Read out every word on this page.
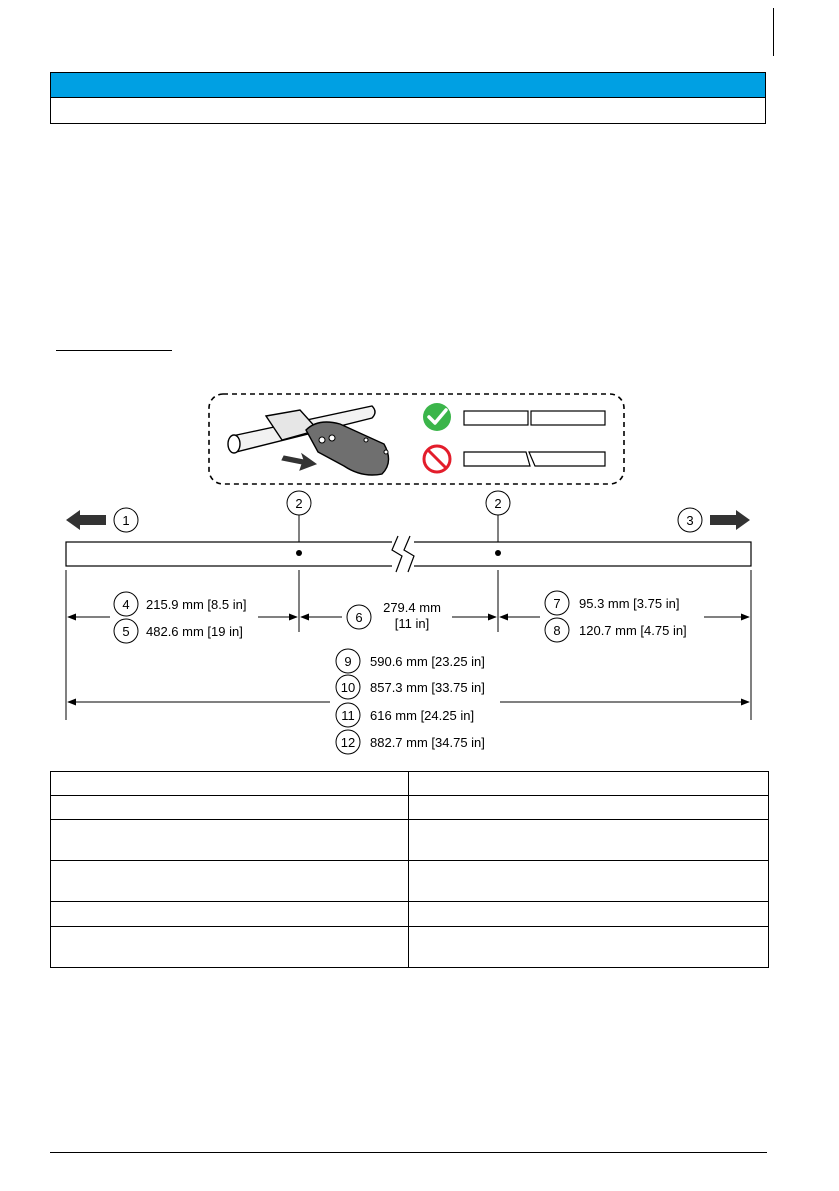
1
2	2
3
4 215.9 mm [8.5 in]
5 482.6 mm [19 in]
6
279.4 mm
[11 in]
7 95.3 mm [3.75 in]
8 120.7 mm [4.75 in]
9 590.6 mm [23.25 in]
10 857.3 mm [33.75 in]
11 616 mm [24.25 in]
12 882.7 mm [34.75 in]
